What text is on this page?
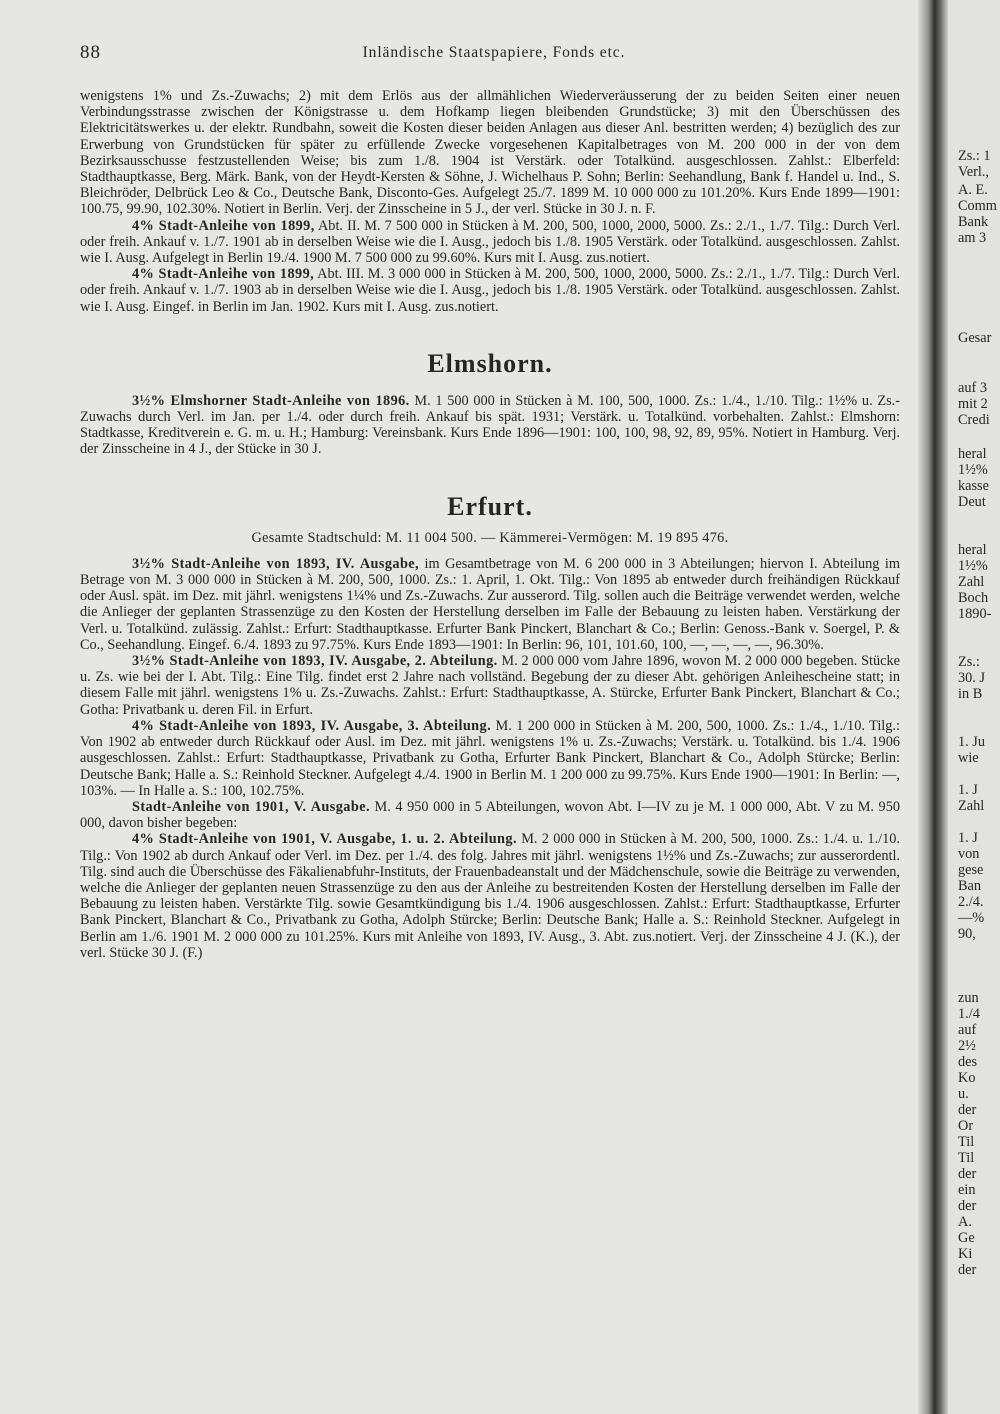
88	Inländische Staatspapiere, Fonds etc.

wenigstens 1% und Zs.-Zuwachs; 2) mit dem Erlös aus der allmählichen Wiederveräusserung der zu beiden Seiten einer neuen Verbindungsstrasse zwischen der Königstrasse u. dem Hofkamp liegen bleibenden Grundstücke; 3) mit den Überschüssen des Elektricitätswerkes u. der elektr. Rundbahn, soweit die Kosten dieser beiden Anlagen aus dieser Anl. bestritten werden; 4) bezüglich des zur Erwerbung von Grundstücken für später zu erfüllende Zwecke vorgesehenen Kapitalbetrages von M. 200 000 in der von dem Bezirksausschusse festzustellenden Weise; bis zum 1./8. 1904 ist Verstärk. oder Totalkünd. ausgeschlossen. Zahlst.: Elberfeld: Stadthauptkasse, Berg. Märk. Bank, von der Heydt-Kersten & Söhne, J. Wichelhaus P. Sohn; Berlin: Seehandlung, Bank f. Handel u. Ind., S. Bleichröder, Delbrück Leo & Co., Deutsche Bank, Disconto-Ges. Aufgelegt 25./7. 1899 M. 10 000 000 zu 101.20%. Kurs Ende 1899—1901: 100.75, 99.90, 102.30%. Notiert in Berlin. Verj. der Zinsscheine in 5 J., der verl. Stücke in 30 J. n. F.

4% Stadt-Anleihe von 1899, Abt. II. M. 7 500 000 in Stücken à M. 200, 500, 1000, 2000, 5000. Zs.: 2./1., 1./7. Tilg.: Durch Verl. oder freih. Ankauf v. 1./7. 1901 ab in derselben Weise wie die I. Ausg., jedoch bis 1./8. 1905 Verstärk. oder Totalkünd. ausgeschlossen. Zahlst. wie I. Ausg. Aufgelegt in Berlin 19./4. 1900 M. 7 500 000 zu 99.60%. Kurs mit I. Ausg. zus.notiert.

4% Stadt-Anleihe von 1899, Abt. III. M. 3 000 000 in Stücken à M. 200, 500, 1000, 2000, 5000. Zs.: 2./1., 1./7. Tilg.: Durch Verl. oder freih. Ankauf v. 1./7. 1903 ab in derselben Weise wie die I. Ausg., jedoch bis 1./8. 1905 Verstärk. oder Totalkünd. ausgeschlossen. Zahlst. wie I. Ausg. Eingef. in Berlin im Jan. 1902. Kurs mit I. Ausg. zus.notiert.

Elmshorn.

3½% Elmshorner Stadt-Anleihe von 1896. M. 1 500 000 in Stücken à M. 100, 500, 1000. Zs.: 1./4., 1./10. Tilg.: 1½% u. Zs.-Zuwachs durch Verl. im Jan. per 1./4. oder durch freih. Ankauf bis spät. 1931; Verstärk. u. Totalkünd. vorbehalten. Zahlst.: Elmshorn: Stadtkasse, Kreditverein e. G. m. u. H.; Hamburg: Vereinsbank. Kurs Ende 1896—1901: 100, 100, 98, 92, 89, 95%. Notiert in Hamburg. Verj. der Zinsscheine in 4 J., der Stücke in 30 J.

Erfurt.
Gesamte Stadtschuld: M. 11 004 500. — Kämmerei-Vermögen: M. 19 895 476.

3½% Stadt-Anleihe von 1893, IV. Ausgabe, im Gesamtbetrage von M. 6 200 000 in 3 Abteilungen; hiervon I. Abteilung im Betrage von M. 3 000 000 in Stücken à M. 200, 500, 1000. Zs.: 1. April, 1. Okt. Tilg.: Von 1895 ab entweder durch freihändigen Rückkauf oder Ausl. spät. im Dez. mit jährl. wenigstens 1¼% und Zs.-Zuwachs. Zur ausserord. Tilg. sollen auch die Beiträge verwendet werden, welche die Anlieger der geplanten Strassenzüge zu den Kosten der Herstellung derselben im Falle der Bebauung zu leisten haben. Verstärkung der Verl. u. Totalkünd. zulässig. Zahlst.: Erfurt: Stadthauptkasse. Erfurter Bank Pinckert, Blanchart & Co.; Berlin: Genoss.-Bank v. Soergel, P. & Co., Seehandlung. Eingef. 6./4. 1893 zu 97.75%. Kurs Ende 1893—1901: In Berlin: 96, 101, 101.60, 100, —, —, —, —, 96.30%.

3½% Stadt-Anleihe von 1893, IV. Ausgabe, 2. Abteilung. M. 2 000 000 vom Jahre 1896, wovon M. 2 000 000 begeben. Stücke u. Zs. wie bei der I. Abt. Tilg.: Eine Tilg. findet erst 2 Jahre nach vollständ. Begebung der zu dieser Abt. gehörigen Anleihescheine statt; in diesem Falle mit jährl. wenigstens 1% u. Zs.-Zuwachs. Zahlst.: Erfurt: Stadthauptkasse, A. Stürcke, Erfurter Bank Pinckert, Blanchart & Co.; Gotha: Privatbank u. deren Fil. in Erfurt.

4% Stadt-Anleihe von 1893, IV. Ausgabe, 3. Abteilung. M. 1 200 000 in Stücken à M. 200, 500, 1000. Zs.: 1./4., 1./10. Tilg.: Von 1902 ab entweder durch Rückkauf oder Ausl. im Dez. mit jährl. wenigstens 1% u. Zs.-Zuwachs; Verstärk. u. Totalkünd. bis 1./4. 1906 ausgeschlossen. Zahlst.: Erfurt: Stadthauptkasse, Privatbank zu Gotha, Erfurter Bank Pinckert, Blanchart & Co., Adolph Stürcke; Berlin: Deutsche Bank; Halle a. S.: Reinhold Steckner. Aufgelegt 4./4. 1900 in Berlin M. 1 200 000 zu 99.75%. Kurs Ende 1900—1901: In Berlin: —, 103%. — In Halle a. S.: 100, 102.75%.

Stadt-Anleihe von 1901, V. Ausgabe. M. 4 950 000 in 5 Abteilungen, wovon Abt. I—IV zu je M. 1 000 000, Abt. V zu M. 950 000, davon bisher begeben:

4% Stadt-Anleihe von 1901, V. Ausgabe, 1. u. 2. Abteilung. M. 2 000 000 in Stücken à M. 200, 500, 1000. Zs.: 1./4. u. 1./10. Tilg.: Von 1902 ab durch Ankauf oder Verl. im Dez. per 1./4. des folg. Jahres mit jährl. wenigstens 1½% und Zs.-Zuwachs; zur ausserordentl. Tilg. sind auch die Überschüsse des Fäkalienabfuhr-Instituts, der Frauenbadeanstalt und der Mädchenschule, sowie die Beiträge zu verwenden, welche die Anlieger der geplanten neuen Strassenzüge zu den aus der Anleihe zu bestreitenden Kosten der Herstellung derselben im Falle der Bebauung zu leisten haben. Verstärkte Tilg. sowie Gesamtkündigung bis 1./4. 1906 ausgeschlossen. Zahlst.: Erfurt: Stadthauptkasse, Erfurter Bank Pinckert, Blanchart & Co., Privatbank zu Gotha, Adolph Stürcke; Berlin: Deutsche Bank; Halle a. S.: Reinhold Steckner. Aufgelegt in Berlin am 1./6. 1901 M. 2 000 000 zu 101.25%. Kurs mit Anleihe von 1893, IV. Ausg., 3. Abt. zus.notiert. Verj. der Zinsscheine 4 J. (K.), der verl. Stücke 30 J. (F.)

Zs.: 1
Verl.,
A. E.
Comm
Bank
am 3
Gesar
auf 3
mit 2
Credi
heral
1½%
kasse
Deut
heral
1½%
Zahl
Boch
1890-
Zs.:
30. J
in B
1. Ju
wie
1. J
Zahl
1. J
von
gese
Ban
2./4.
—%
90,
zun
1./4
auf
2½
des
Ko
u.
der
Or
Til
Til
der
ein
der
A.
Ge
Ki
der
